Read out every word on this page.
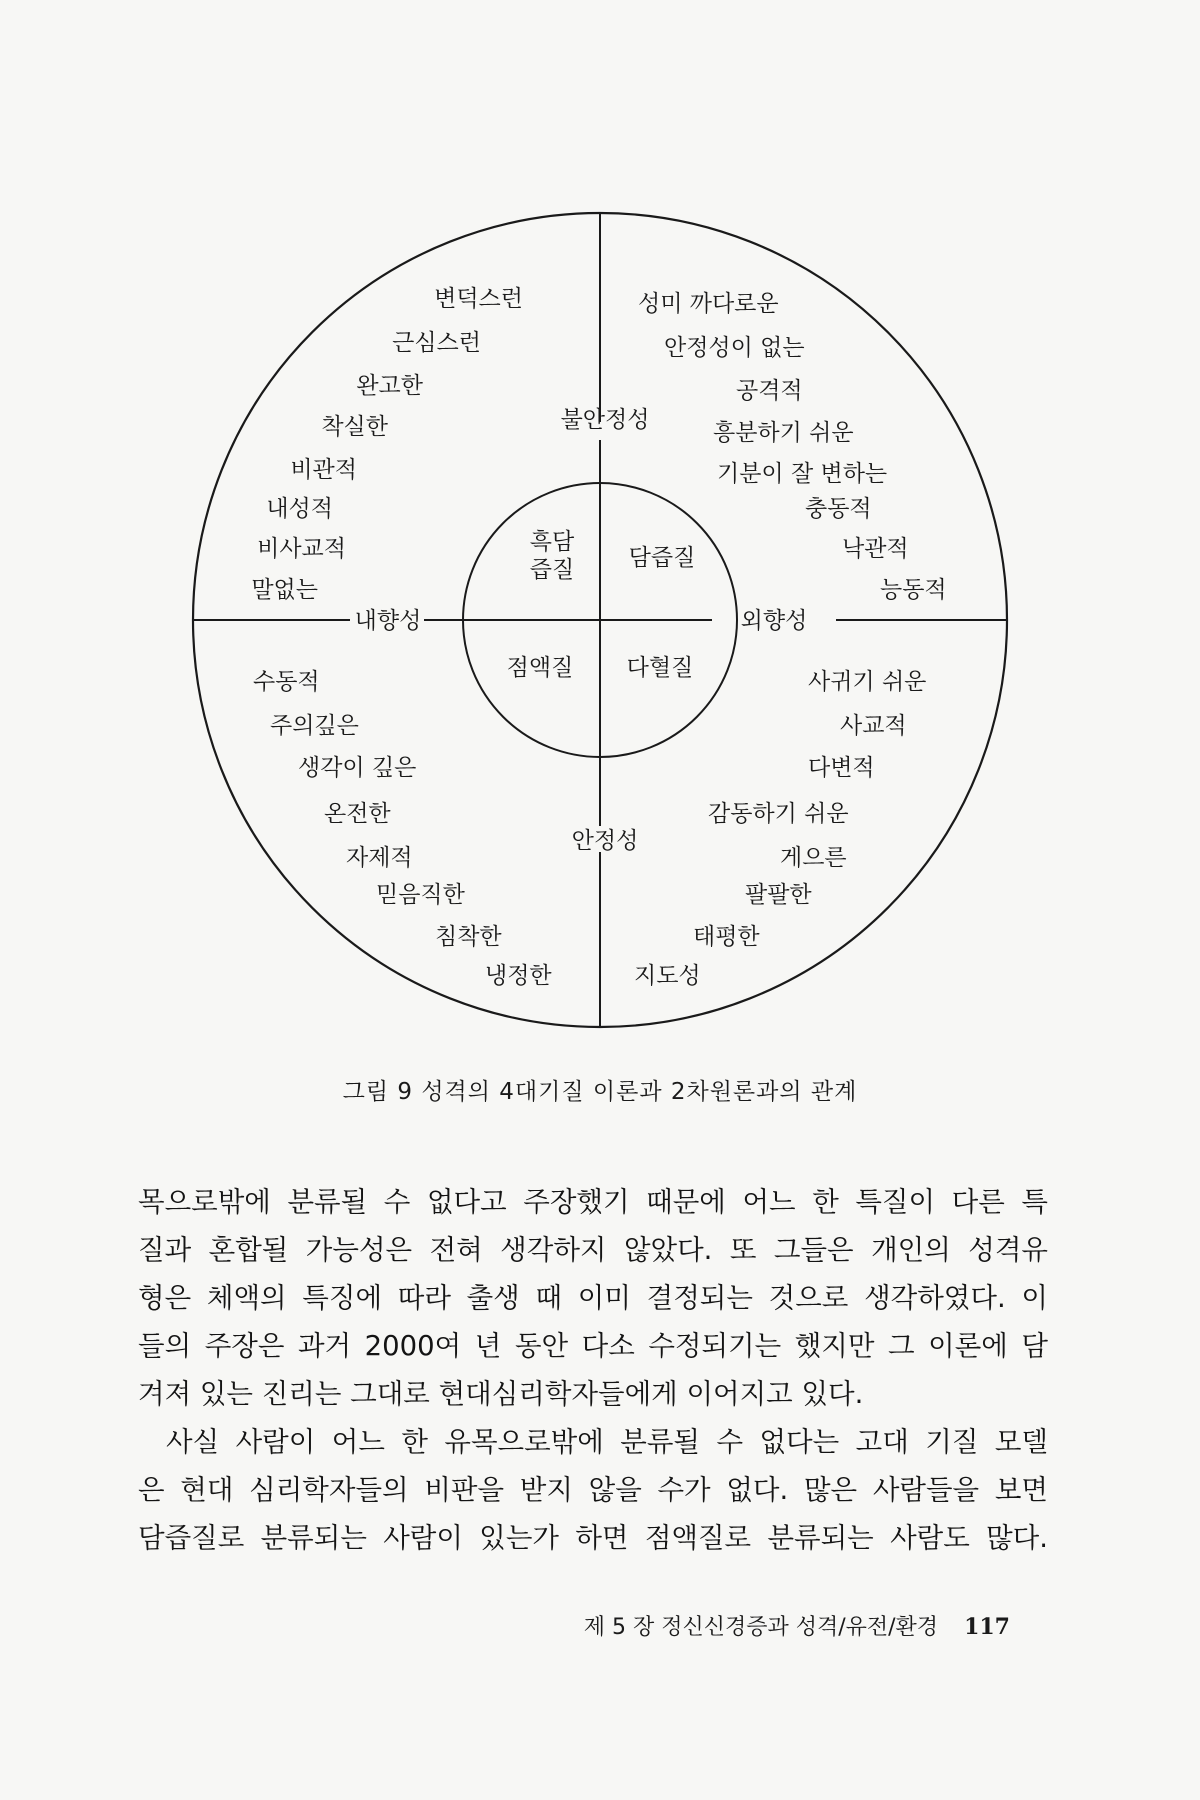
불안정성
안정성
내향성	외향성
흑담
즙질 담즙질
점액질 다혈질
변덕스런
근심스런
완고한
착실한
비관적
내성적
비사교적
말없는
성미 까다로운
안정성이 없는
공격적
흥분하기 쉬운
기분이 잘 변하는
충동적
낙관적
능동적
수동적
주의깊은
생각이 깊은
온전한
자제적
믿음직한
침착한
냉정한
사귀기 쉬운
사교적
다변적
감동하기 쉬운
게으른
팔팔한
태평한
지도성
그림 9 성격의 4대기질 이론과 2차원론과의 관계
목으로밖에 분류될 수 없다고 주장했기 때문에 어느 한 특질이 다른 특
질과 혼합될 가능성은 전혀 생각하지 않았다. 또 그들은 개인의 성격유
형은 체액의 특징에 따라 출생 때 이미 결정되는 것으로 생각하였다. 이
들의 주장은 과거 2000여 년 동안 다소 수정되기는 했지만 그 이론에 담
겨져 있는 진리는 그대로 현대심리학자들에게 이어지고 있다.
사실 사람이 어느 한 유목으로밖에 분류될 수 없다는 고대 기질 모델
은 현대 심리학자들의 비판을 받지 않을 수가 없다. 많은 사람들을 보면
담즙질로 분류되는 사람이 있는가 하면 점액질로 분류되는 사람도 많다.
제 5 장 정신신경증과 성격/유전/환경 117
